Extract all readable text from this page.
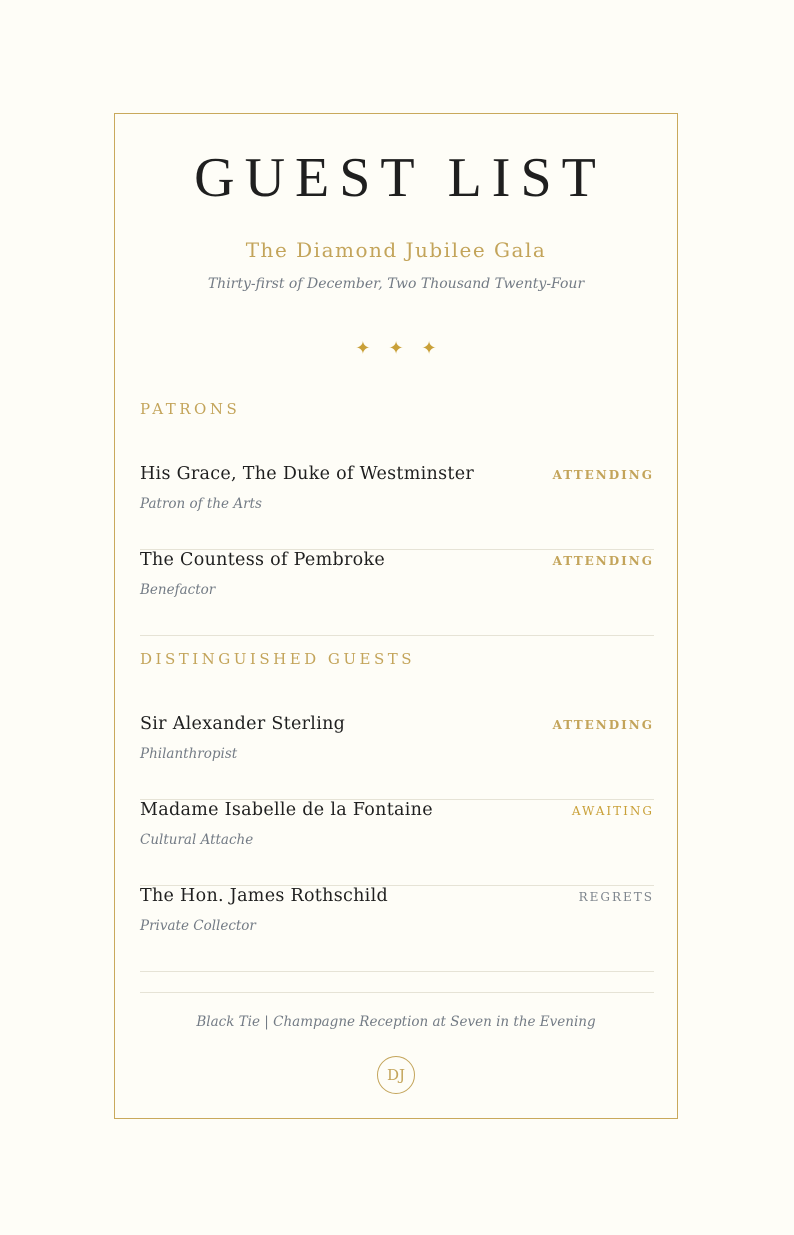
GUEST LIST
The Diamond Jubilee Gala
Thirty-first of December, Two Thousand Twenty-Four
✦✦✦
PATRONS
His Grace, The Duke of Westminster
Patron of the Arts
ATTENDING
The Countess of Pembroke
Benefactor
ATTENDING
DISTINGUISHED GUESTS
Sir Alexander Sterling
Philanthropist
ATTENDING
Madame Isabelle de la Fontaine
Cultural Attache
AWAITING
The Hon. James Rothschild
Private Collector
REGRETS
Black Tie | Champagne Reception at Seven in the Evening
DJ
